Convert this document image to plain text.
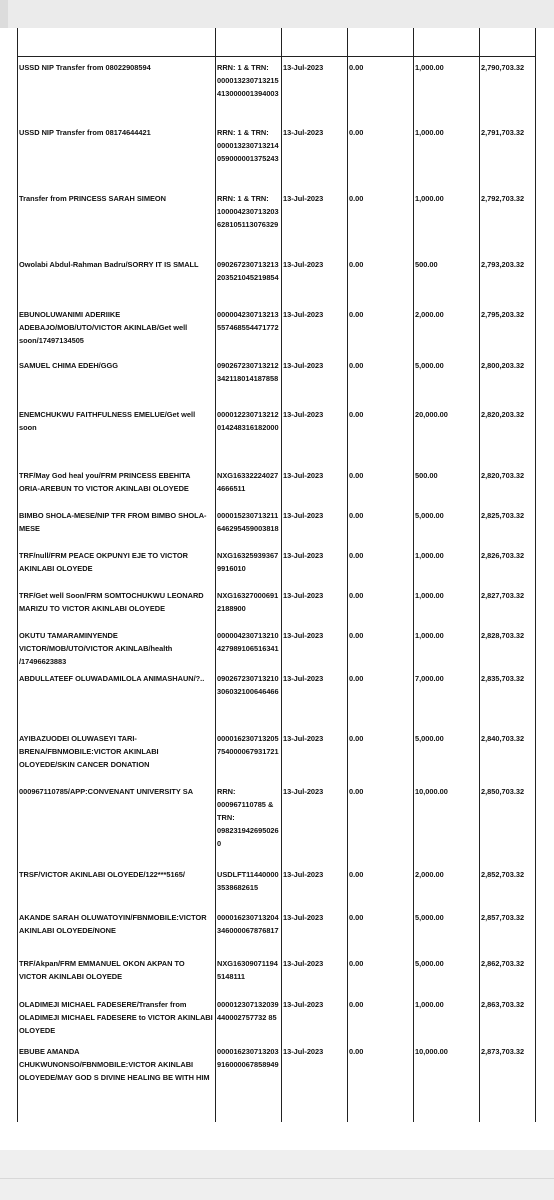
USSD NIP Transfer from 08022908594	RRN: 1 & TRN: 000013230713215413000001394003	13-Jul-2023	0.00	1,000.00	2,790,703.32
USSD NIP Transfer from 08174644421	RRN: 1 & TRN: 000013230713214059000001375243	13-Jul-2023	0.00	1,000.00	2,791,703.32
Transfer from PRINCESS SARAH SIMEON	RRN: 1 & TRN: 100004230713203628105113076329	13-Jul-2023	0.00	1,000.00	2,792,703.32
Owolabi Abdul-Rahman Badru/SORRY IT IS SMALL	090267230713213203521045219854	13-Jul-2023	0.00	500.00	2,793,203.32
EBUNOLUWANIMI ADERIIKE ADEBAJO/MOB/UTO/VICTOR AKINLAB/Get well soon/17497134505	000004230713213557468554471772	13-Jul-2023	0.00	2,000.00	2,795,203.32
SAMUEL CHIMA EDEH/GGG	090267230713212342118014187858	13-Jul-2023	0.00	5,000.00	2,800,203.32
ENEMCHUKWU FAITHFULNESS EMELUE/Get well soon	000012230713212014248316182000	13-Jul-2023	0.00	20,000.00	2,820,203.32
TRF/May God heal you/FRM PRINCESS EBEHITA ORIA-AREBUN TO VICTOR AKINLABI OLOYEDE	NXG163322240274666511	13-Jul-2023	0.00	500.00	2,820,703.32
BIMBO SHOLA-MESE/NIP TFR FROM BIMBO SHOLA-MESE	000015230713211646295459003818	13-Jul-2023	0.00	5,000.00	2,825,703.32
TRF/null/FRM PEACE OKPUNYI EJE TO VICTOR AKINLABI OLOYEDE	NXG163259393679916010	13-Jul-2023	0.00	1,000.00	2,826,703.32
TRF/Get well Soon/FRM SOMTOCHUKWU LEONARD MARIZU TO VICTOR AKINLABI OLOYEDE	NXG163270006912188900	13-Jul-2023	0.00	1,000.00	2,827,703.32
OKUTU TAMARAMINYENDE VICTOR/MOB/UTO/VICTOR AKINLAB/health /17496623883	000004230713210427989106516341	13-Jul-2023	0.00	1,000.00	2,828,703.32
ABDULLATEEF OLUWADAMILOLA ANIMASHAUN/?..	090267230713210306032100646466	13-Jul-2023	0.00	7,000.00	2,835,703.32
AYIBAZUODEI OLUWASEYI TARI-BRENA/FBNMOBILE:VICTOR AKINLABI OLOYEDE/SKIN CANCER DONATION	000016230713205754000067931721	13-Jul-2023	0.00	5,000.00	2,840,703.32
000967110785/APP:CONVENANT UNIVERSITY SA	RRN: 000967110785 & TRN: 0982319426950260	13-Jul-2023	0.00	10,000.00	2,850,703.32
TRSF/VICTOR AKINLABI OLOYEDE/122***5165/	USDLFT114400003538682615	13-Jul-2023	0.00	2,000.00	2,852,703.32
AKANDE SARAH OLUWATOYIN/FBNMOBILE:VICTOR AKINLABI OLOYEDE/NONE	000016230713204346000067876817	13-Jul-2023	0.00	5,000.00	2,857,703.32
TRF/Akpan/FRM EMMANUEL OKON AKPAN TO VICTOR AKINLABI OLOYEDE	NXG163090711945148111	13-Jul-2023	0.00	5,000.00	2,862,703.32
OLADIMEJI MICHAEL FADESERE/Transfer from OLADIMEJI MICHAEL FADESERE to VICTOR AKINLABI OLOYEDE	000012307132039440002757732 85	13-Jul-2023	0.00	1,000.00	2,863,703.32
EBUBE AMANDA CHUKWUNONSO/FBNMOBILE:VICTOR AKINLABI OLOYEDE/MAY GOD S DIVINE HEALING BE WITH HIM	000016230713203916000067858949	13-Jul-2023	0.00	10,000.00	2,873,703.32
